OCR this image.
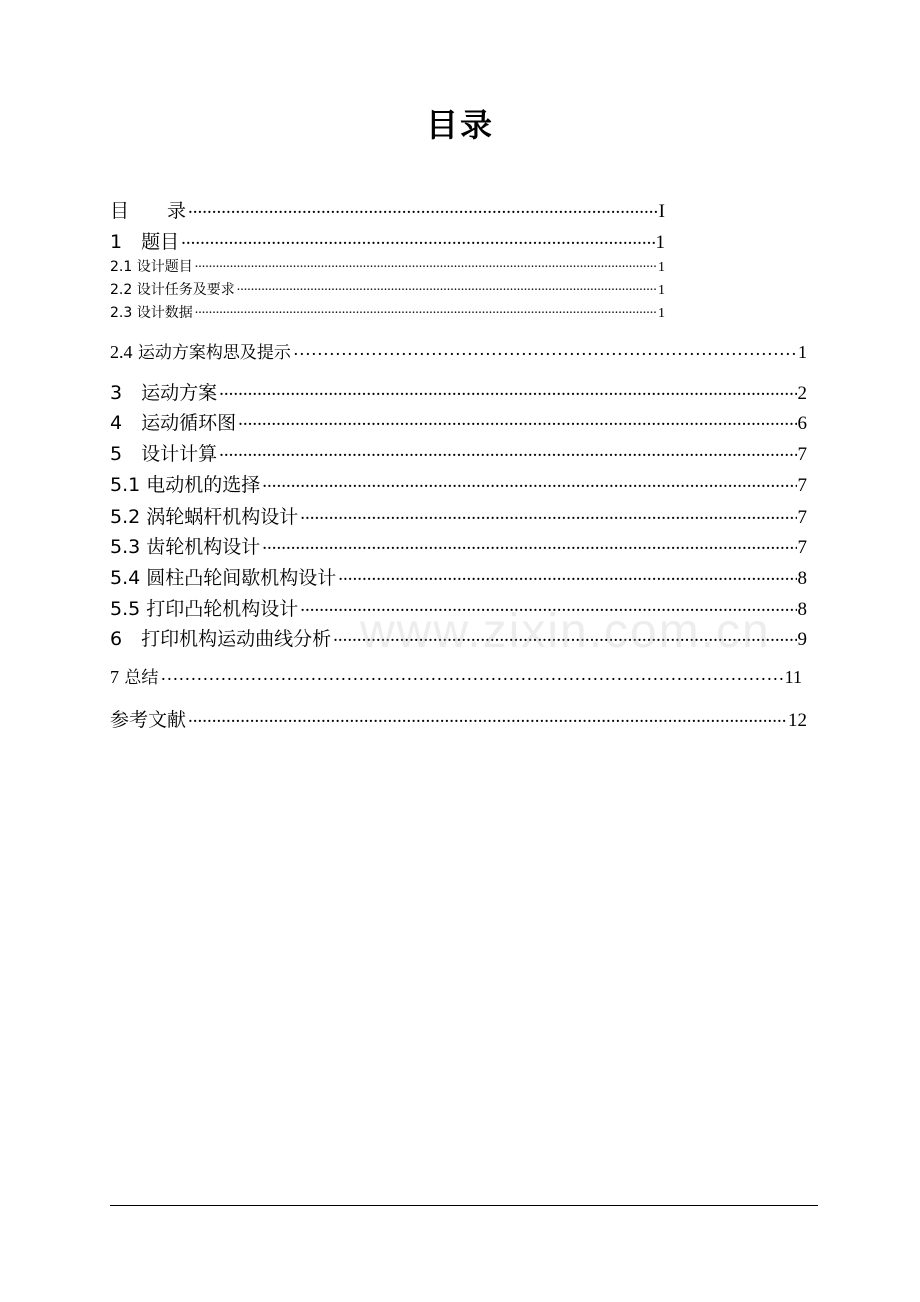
目录
目　　录 .....	I
1　题目 .....	1
2.1 设计题目 .....	1
2.2 设计任务及要求 .....	1
2.3 设计数据 .....	1
2.4 运动方案构思及提示 …………………………………………………………………………………………………………………………………………………………………………	1
3　运动方案 .....	2
4　运动循环图 .....	6
5　设计计算 .....	7
5.1 电动机的选择 .....	7
5.2 涡轮蜗杆机构设计 .....	7
5.3 齿轮机构设计 .....	7
5.4 圆柱凸轮间歇机构设计 .....	8
5.5 打印凸轮机构设计 .....	8
6　打印机构运动曲线分析 .....	9
7 总结 …………………………………………………………………………………………………………………………………………………………………………	11
参考文献 .....	12
www.zixin.com.cn
